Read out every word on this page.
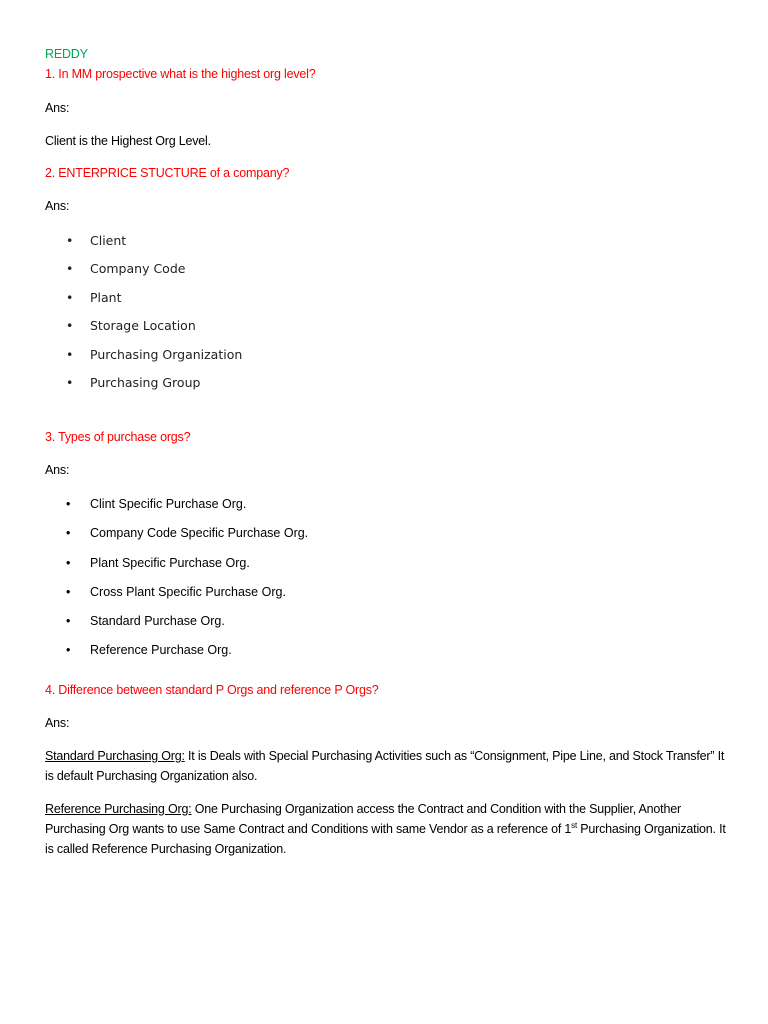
REDDY
1. In MM prospective what is the highest org level?
Ans:
Client is the Highest Org Level.
2. ENTERPRICE STUCTURE of a company?
Ans:
• Client
• Company Code
• Plant
• Storage Location
• Purchasing Organization
• Purchasing Group
3. Types of purchase orgs?
Ans:
• Clint Specific Purchase Org.
• Company Code Specific Purchase Org.
• Plant Specific Purchase Org.
• Cross Plant Specific Purchase Org.
• Standard Purchase Org.
• Reference Purchase Org.
4. Difference between standard P Orgs and reference P Orgs?
Ans:
Standard Purchasing Org: It is Deals with Special Purchasing Activities such as “Consignment, Pipe Line, and Stock Transfer” It is default Purchasing Organization also.
Reference Purchasing Org: One Purchasing Organization access the Contract and Condition with the Supplier, Another Purchasing Org wants to use Same Contract and Conditions with same Vendor as a reference of 1st Purchasing Organization. It is called Reference Purchasing Organization.
